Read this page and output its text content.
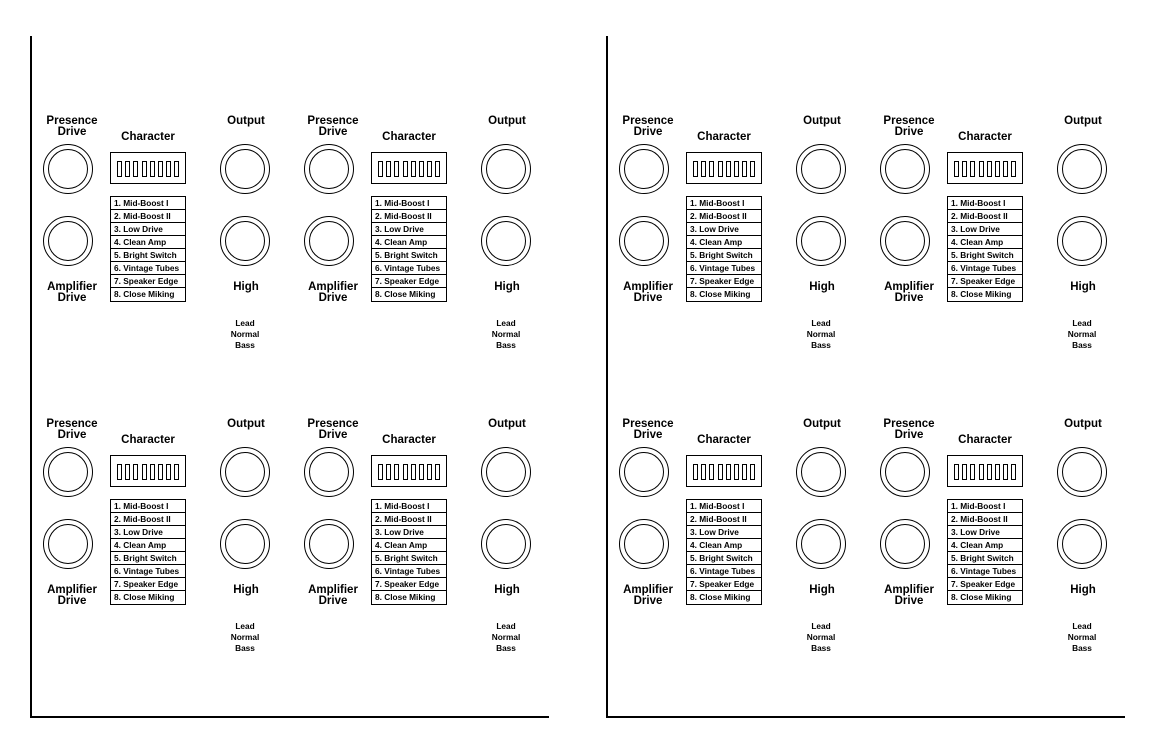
Presence
Drive
Amplifier
Drive
Character
1. Mid-Boost I
2. Mid-Boost II
3. Low Drive
4. Clean Amp
5. Bright Switch
6. Vintage Tubes
7. Speaker Edge
8. Close Miking
Output
High
Lead
Normal
Bass
Presence
Drive
Amplifier
Drive
Character
1. Mid-Boost I
2. Mid-Boost II
3. Low Drive
4. Clean Amp
5. Bright Switch
6. Vintage Tubes
7. Speaker Edge
8. Close Miking
Output
High
Lead
Normal
Bass
Presence
Drive
Amplifier
Drive
Character
1. Mid-Boost I
2. Mid-Boost II
3. Low Drive
4. Clean Amp
5. Bright Switch
6. Vintage Tubes
7. Speaker Edge
8. Close Miking
Output
High
Lead
Normal
Bass
Presence
Drive
Amplifier
Drive
Character
1. Mid-Boost I
2. Mid-Boost II
3. Low Drive
4. Clean Amp
5. Bright Switch
6. Vintage Tubes
7. Speaker Edge
8. Close Miking
Output
High
Lead
Normal
Bass
Presence
Drive
Amplifier
Drive
Character
1. Mid-Boost I
2. Mid-Boost II
3. Low Drive
4. Clean Amp
5. Bright Switch
6. Vintage Tubes
7. Speaker Edge
8. Close Miking
Output
High
Lead
Normal
Bass
Presence
Drive
Amplifier
Drive
Character
1. Mid-Boost I
2. Mid-Boost II
3. Low Drive
4. Clean Amp
5. Bright Switch
6. Vintage Tubes
7. Speaker Edge
8. Close Miking
Output
High
Lead
Normal
Bass
Presence
Drive
Amplifier
Drive
Character
1. Mid-Boost I
2. Mid-Boost II
3. Low Drive
4. Clean Amp
5. Bright Switch
6. Vintage Tubes
7. Speaker Edge
8. Close Miking
Output
High
Lead
Normal
Bass
Presence
Drive
Amplifier
Drive
Character
1. Mid-Boost I
2. Mid-Boost II
3. Low Drive
4. Clean Amp
5. Bright Switch
6. Vintage Tubes
7. Speaker Edge
8. Close Miking
Output
High
Lead
Normal
Bass
